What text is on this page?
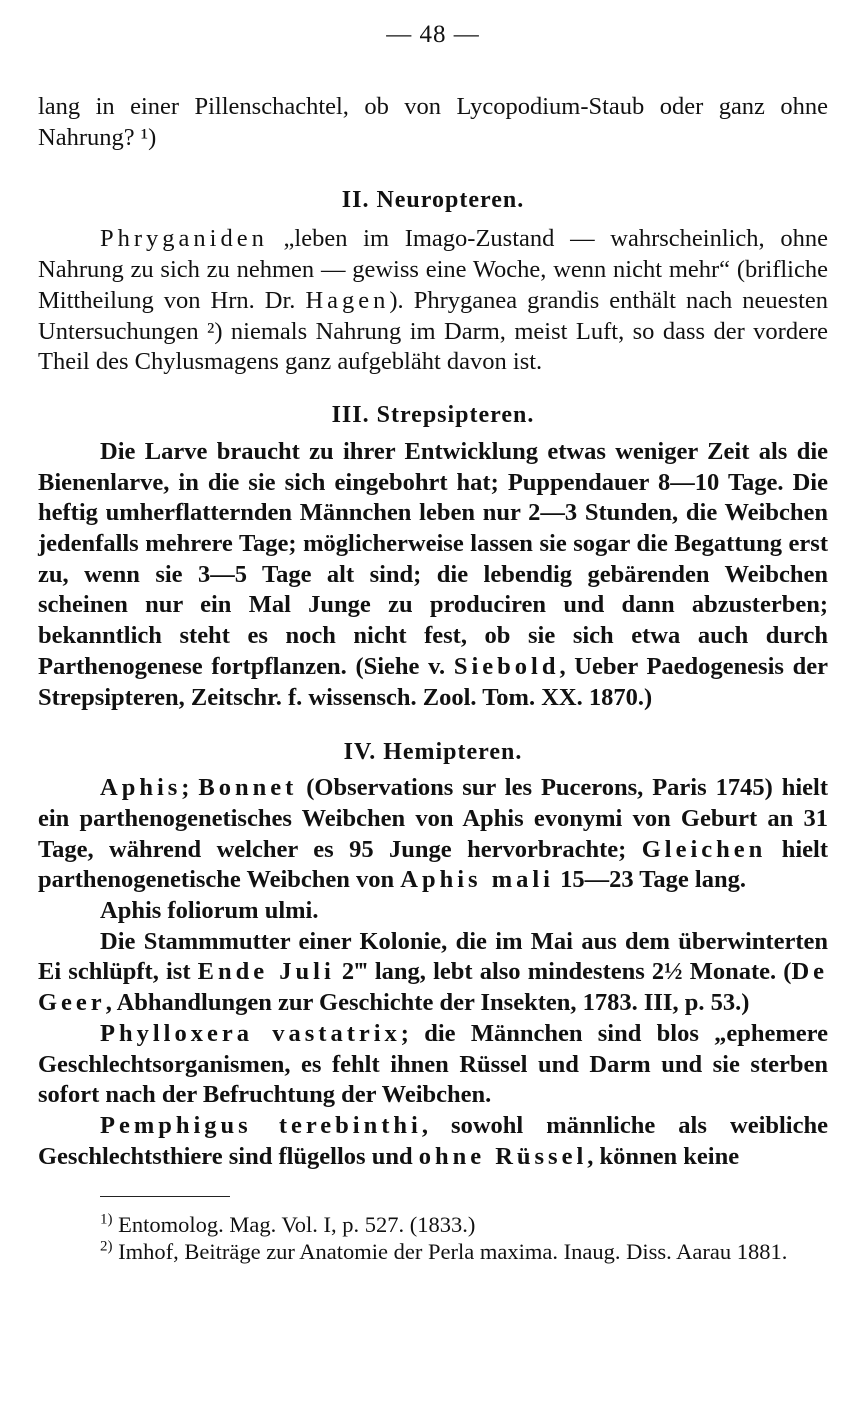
— 48 —

lang in einer Pillenschachtel, ob von Lycopodium-Staub oder ganz ohne Nahrung? ¹)

II. Neuropteren.

Phryganiden „leben im Imago-Zustand — wahrscheinlich, ohne Nahrung zu sich zu nehmen — gewiss eine Woche, wenn nicht mehr“ (brifliche Mittheilung von Hrn. Dr. Hagen). Phryganea grandis enthält nach neuesten Untersuchungen ²) niemals Nahrung im Darm, meist Luft, so dass der vordere Theil des Chylusmagens ganz aufgebläht davon ist.

III. Strepsipteren.

Die Larve braucht zu ihrer Entwicklung etwas weniger Zeit als die Bienenlarve, in die sie sich eingebohrt hat; Puppendauer 8—10 Tage. Die heftig umherflatternden Männchen leben nur 2—3 Stunden, die Weibchen jedenfalls mehrere Tage; möglicherweise lassen sie sogar die Begattung erst zu, wenn sie 3—5 Tage alt sind; die lebendig gebärenden Weibchen scheinen nur ein Mal Junge zu produciren und dann abzusterben; bekanntlich steht es noch nicht fest, ob sie sich etwa auch durch Parthenogenese fortpflanzen. (Siehe v. Siebold, Ueber Paedogenesis der Strepsipteren, Zeitschr. f. wissensch. Zool. Tom. XX. 1870.)

IV. Hemipteren.

Aphis; Bonnet (Observations sur les Pucerons, Paris 1745) hielt ein parthenogenetisches Weibchen von Aphis evonymi von Geburt an 31 Tage, während welcher es 95 Junge hervorbrachte; Gleichen hielt parthenogenetische Weibchen von Aphis mali 15—23 Tage lang.

Aphis foliorum ulmi.

Die Stammmutter einer Kolonie, die im Mai aus dem überwinterten Ei schlüpft, ist Ende Juli 2‴ lang, lebt also mindestens 2½ Monate. (De Geer, Abhandlungen zur Geschichte der Insekten, 1783. III, p. 53.)

Phylloxera vastatrix; die Männchen sind blos „ephemere Geschlechtsorganismen, es fehlt ihnen Rüssel und Darm und sie sterben sofort nach der Befruchtung der Weibchen.

Pemphigus terebinthi, sowohl männliche als weibliche Geschlechtsthiere sind flügellos und ohne Rüssel, können keine

$^{1)}$ Entomolog. Mag. Vol. I, p. 527. (1833.)

$^{2)}$ Imhof, Beiträge zur Anatomie der Perla maxima. Inaug. Diss. Aarau 1881.
